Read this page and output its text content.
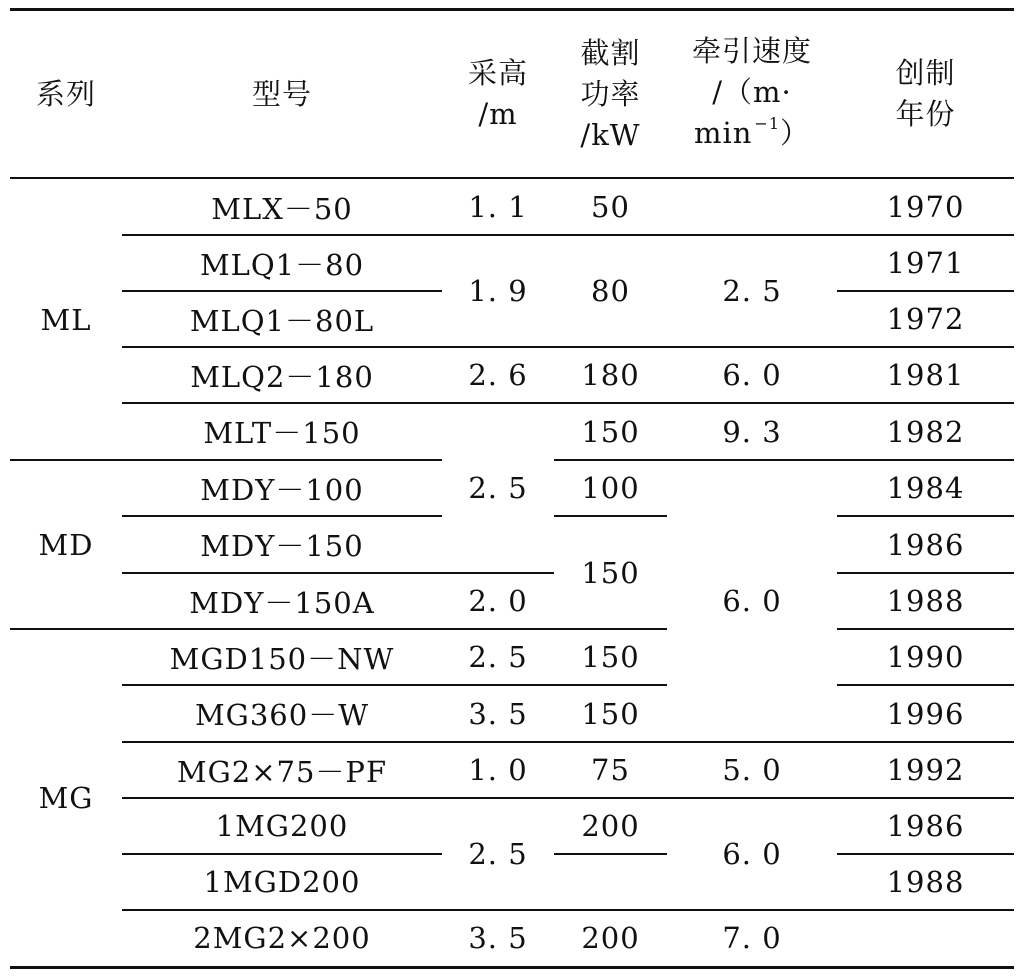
系列	型号
采高
/m
截割
功率
/kW
牵引速度
/（m·
min $^{-1}$）
创制
年份
ML
MD
MG
MLX－50
MLQ1－80
MLQ1－80L
MLQ2－180
MLT－150
MDY－100
MDY－150
MDY－150A
MGD150－NW
MG360－W
MG2×75－PF
1MG200
1MGD200
2MG2×200
1. 1
1. 9
2. 6
2. 5
2. 0
2. 5
3. 5
1. 0
2. 5
3. 5
50
80
180
150
100
150
150
150
75
200
200
2. 5
6. 0
9. 3
6. 0
5. 0
6. 0
7. 0
1970
1971
1972
1981
1982
1984
1986
1988
1990
1996
1992
1986
1988
